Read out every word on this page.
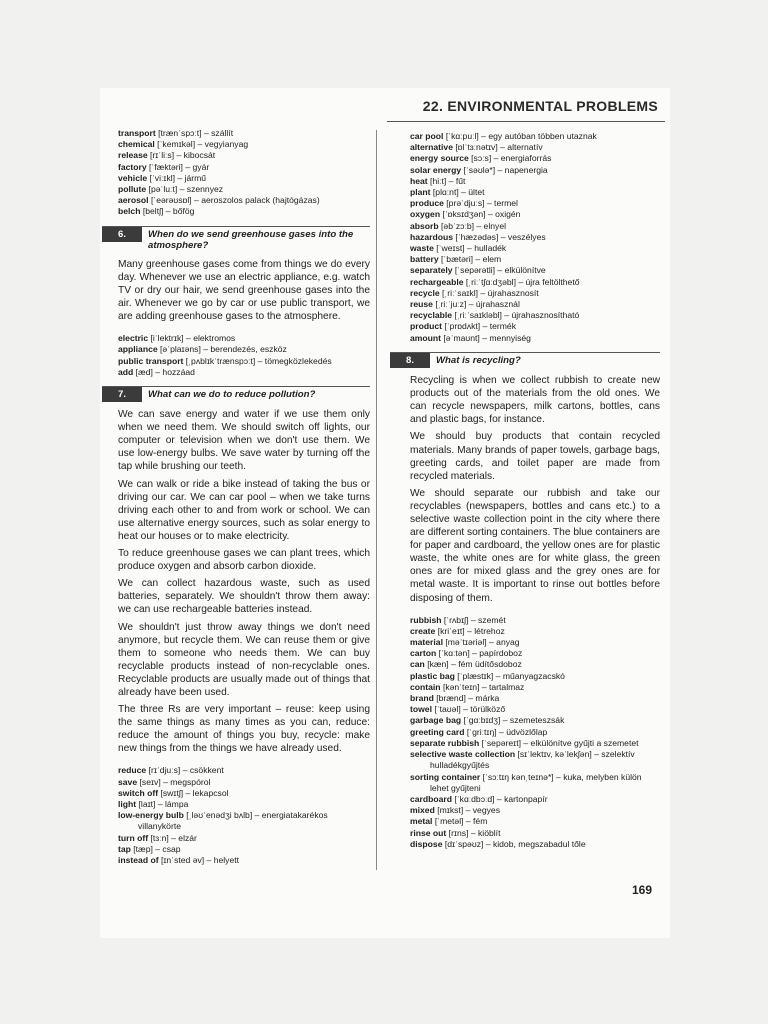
22. ENVIRONMENTAL PROBLEMS
transport [trænˈspɔːt] – szállít
chemical [ˈkemɪkəl] – vegyianyag
release [rɪˈliːs] – kibocsát
factory [ˈfæktəri] – gyár
vehicle [ˈviːɪkl] – jármű
pollute [pəˈluːt] – szennyez
aerosol [ˈeərəʊsɒl] – aeroszolos palack (hajtógázas)
belch [beltʃ] – bőfög
6.	When do we send greenhouse gases into the atmosphere?

Many greenhouse gases come from things we do every day. Whenever we use an electric appliance, e.g. watch TV or dry our hair, we send greenhouse gases into the air. Whenever we go by car or use public transport, we are adding greenhouse gases to the atmosphere.

electric [iˈlektrɪk] – elektromos
appliance [əˈplaɪəns] – berendezés, eszköz
public transport [ˌpʌblɪkˈtrænspɔːt] – tömegközlekedés
add [æd] – hozzáad
7.	What can we do to reduce pollution?

We can save energy and water if we use them only when we need them. We should switch off lights, our computer or television when we don't use them. We use low-energy bulbs. We save water by turning off the tap while brushing our teeth.

We can walk or ride a bike instead of taking the bus or driving our car. We can car pool – when we take turns driving each other to and from work or school. We can use alternative energy sources, such as solar energy to heat our houses or to make electricity.

To reduce greenhouse gases we can plant trees, which produce oxygen and absorb carbon dioxide.

We can collect hazardous waste, such as used batteries, separately. We shouldn't throw them away: we can use rechargeable batteries instead.

We shouldn't just throw away things we don't need anymore, but recycle them. We can reuse them or give them to someone who needs them. We can buy recyclable products instead of non-recyclable ones. Recyclable products are usually made out of things that already have been used.

The three Rs are very important – reuse: keep using the same things as many times as you can, reduce: reduce the amount of things you buy, recycle: make new things from the things we have already used.

reduce [rɪˈdjuːs] – csökkent
save [seɪv] – megspórol
switch off [swɪtʃ] – lekapcsol
light [laɪt] – lámpa
low-energy bulb [ˌləʊˈenədʒi bʌlb] – energiatakarékos villanykörte
turn off [tɜːn] – elzár
tap [tæp] – csap
instead of [ɪnˈsted əv] – helyett
car pool [ˈkɑːpuːl] – egy autóban többen utaznak
alternative [ɒlˈtɜːnətɪv] – alternatív
energy source [sɔːs] – energiaforrás
solar energy [ˈsəʊlə*] – napenergia
heat [hiːt] – fűt
plant [plɑːnt] – ültet
produce [prəˈdjuːs] – termel
oxygen [ˈɒksɪdʒən] – oxigén
absorb [əbˈzɔːb] – elnyel
hazardous [ˈhæzədəs] – veszélyes
waste [ˈweɪst] – hulladék
battery [ˈbætəri] – elem
separately [ˈsepərətli] – elkülönítve
rechargeable [ˌriːˈtʃɑːdʒəbl] – újra feltölthető
recycle [ˌriːˈsaɪkl] – újrahasznosít
reuse [ˌriːˈjuːz] – újrahasznál
recyclable [ˌriːˈsaɪkləbl] – újrahasznosítható
product [ˈprɒdʌkt] – termék
amount [əˈmaʊnt] – mennyiség
8.	What is recycling?

Recycling is when we collect rubbish to create new products out of the materials from the old ones. We can recycle newspapers, milk cartons, bottles, cans and plastic bags, for instance.

We should buy products that contain recycled materials. Many brands of paper towels, garbage bags, greeting cards, and toilet paper are made from recycled materials.

We should separate our rubbish and take our recyclables (newspapers, bottles and cans etc.) to a selective waste collection point in the city where there are different sorting containers. The blue containers are for paper and cardboard, the yellow ones are for plastic waste, the white ones are for white glass, the green ones are for mixed glass and the grey ones are for metal waste. It is important to rinse out bottles before disposing of them.

rubbish [ˈrʌbɪʃ] – szemét
create [kriˈeɪt] – létrehoz
material [məˈtɪəriəl] – anyag
carton [ˈkɑːtən] – papírdoboz
can [kæn] – fém üdítősdoboz
plastic bag [ˈplæstɪk] – műanyagzacskó
contain [kənˈteɪn] – tartalmaz
brand [brænd] – márka
towel [ˈtaʊəl] – törülköző
garbage bag [ˈgɑːbɪdʒ] – szemeteszsák
greeting card [ˈgriːtɪŋ] – üdvözlőlap
separate rubbish [ˈsepəreɪt] – elkülönítve gyűjti a szemetet
selective waste collection [sɪˈlektɪv, kəˈlekʃən] – szelektív hulladékgyűjtés
sorting container [ˈsɔːtɪŋ kənˌteɪnə*] – kuka, melyben külön lehet gyűjteni
cardboard [ˈkɑːdbɔːd] – kartonpapír
mixed [mɪkst] – vegyes
metal [ˈmetəl] – fém
rinse out [rɪns] – kiöblít
dispose [dɪˈspəʊz] – kidob, megszabadul tőle
169
